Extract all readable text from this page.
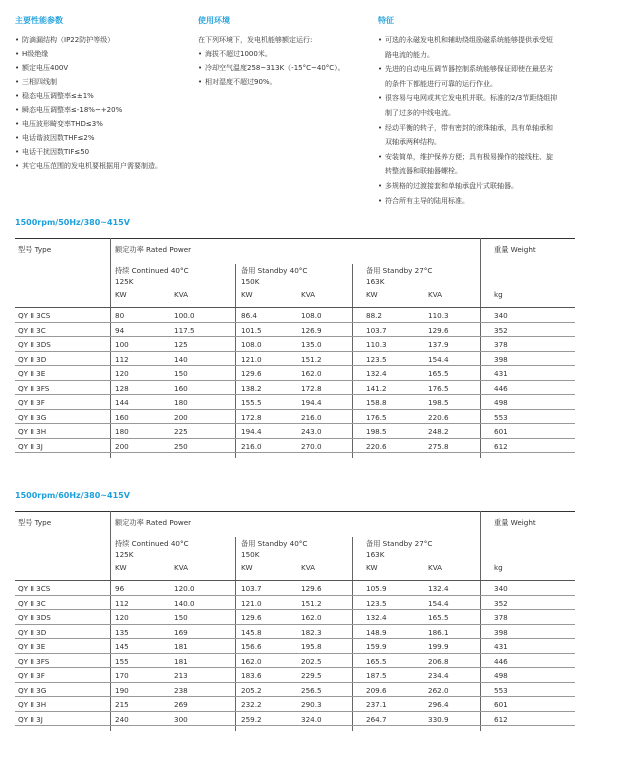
主要性能参数
• 防滴漏结构（IP22防护等级）
• H级绝缘
• 额定电压400V
• 三相四线制
• 稳态电压调整率≤±1%
• 瞬态电压调整率≤-18%~+20%
• 电压波形畸变率THD≤3%
• 电话谐波因数THF≤2%
• 电话干扰因数TIF≤50
• 其它电压范围的发电机要根据用户需要制造。
使用环境

在下列环境下，发电机能够额定运行:

• 海拔不超过1000米。
• 冷却空气温度258~313K（-15°C~40°C）。
• 相对湿度不超过90%。
特征
• 可选的永磁发电机和辅助绕组励磁系统能够提供承受短
路电流的能力。
• 先进的自动电压调节器控制系统能够保证即使在最恶劣
的条件下都能进行可靠的运行作业。
• 很容易与电网或其它发电机并联。标准的2/3节距绕组抑
制了过多的中线电流。
• 经动平衡的转子，带有密封的滚珠轴承，具有单轴承和
双轴承两种结构。
• 安装简单，维护保养方便；具有极易操作的接线柱、旋
转整流器和联轴器螺栓。
• 多规格的过渡接套和单轴承盘片式联轴器。
• 符合所有主导的陆用标准。
1500rpm/50Hz/380~415V
型号 Type	额定功率 Rated Power	重量 Weight
持续 Continued 40°C
125K
备用 Standby 40°C
150K
备用 Standby 27°C
163K
KW	KVA	KW	KVA	KW	KVA	kg
QY Ⅱ 3CS	80	100.0	86.4	108.0	88.2	110.3	340
QY Ⅱ 3C	94	117.5	101.5	126.9	103.7	129.6	352
QY Ⅱ 3DS	100	125	108.0	135.0	110.3	137.9	378
QY Ⅱ 3D	112	140	121.0	151.2	123.5	154.4	398
QY Ⅱ 3E	120	150	129.6	162.0	132.4	165.5	431
QY Ⅱ 3FS	128	160	138.2	172.8	141.2	176.5	446
QY Ⅱ 3F	144	180	155.5	194.4	158.8	198.5	498
QY Ⅱ 3G	160	200	172.8	216.0	176.5	220.6	553
QY Ⅱ 3H	180	225	194.4	243.0	198.5	248.2	601
QY Ⅱ 3J	200	250	216.0	270.0	220.6	275.8	612
1500rpm/60Hz/380~415V
型号 Type	额定功率 Rated Power	重量 Weight
持续 Continued 40°C
125K
备用 Standby 40°C
150K
备用 Standby 27°C
163K
KW	KVA	KW	KVA	KW	KVA	kg
QY Ⅱ 3CS	96	120.0	103.7	129.6	105.9	132.4	340
QY Ⅱ 3C	112	140.0	121.0	151.2	123.5	154.4	352
QY Ⅱ 3DS	120	150	129.6	162.0	132.4	165.5	378
QY Ⅱ 3D	135	169	145.8	182.3	148.9	186.1	398
QY Ⅱ 3E	145	181	156.6	195.8	159.9	199.9	431
QY Ⅱ 3FS	155	181	162.0	202.5	165.5	206.8	446
QY Ⅱ 3F	170	213	183.6	229.5	187.5	234.4	498
QY Ⅱ 3G	190	238	205.2	256.5	209.6	262.0	553
QY Ⅱ 3H	215	269	232.2	290.3	237.1	296.4	601
QY Ⅱ 3J	240	300	259.2	324.0	264.7	330.9	612
